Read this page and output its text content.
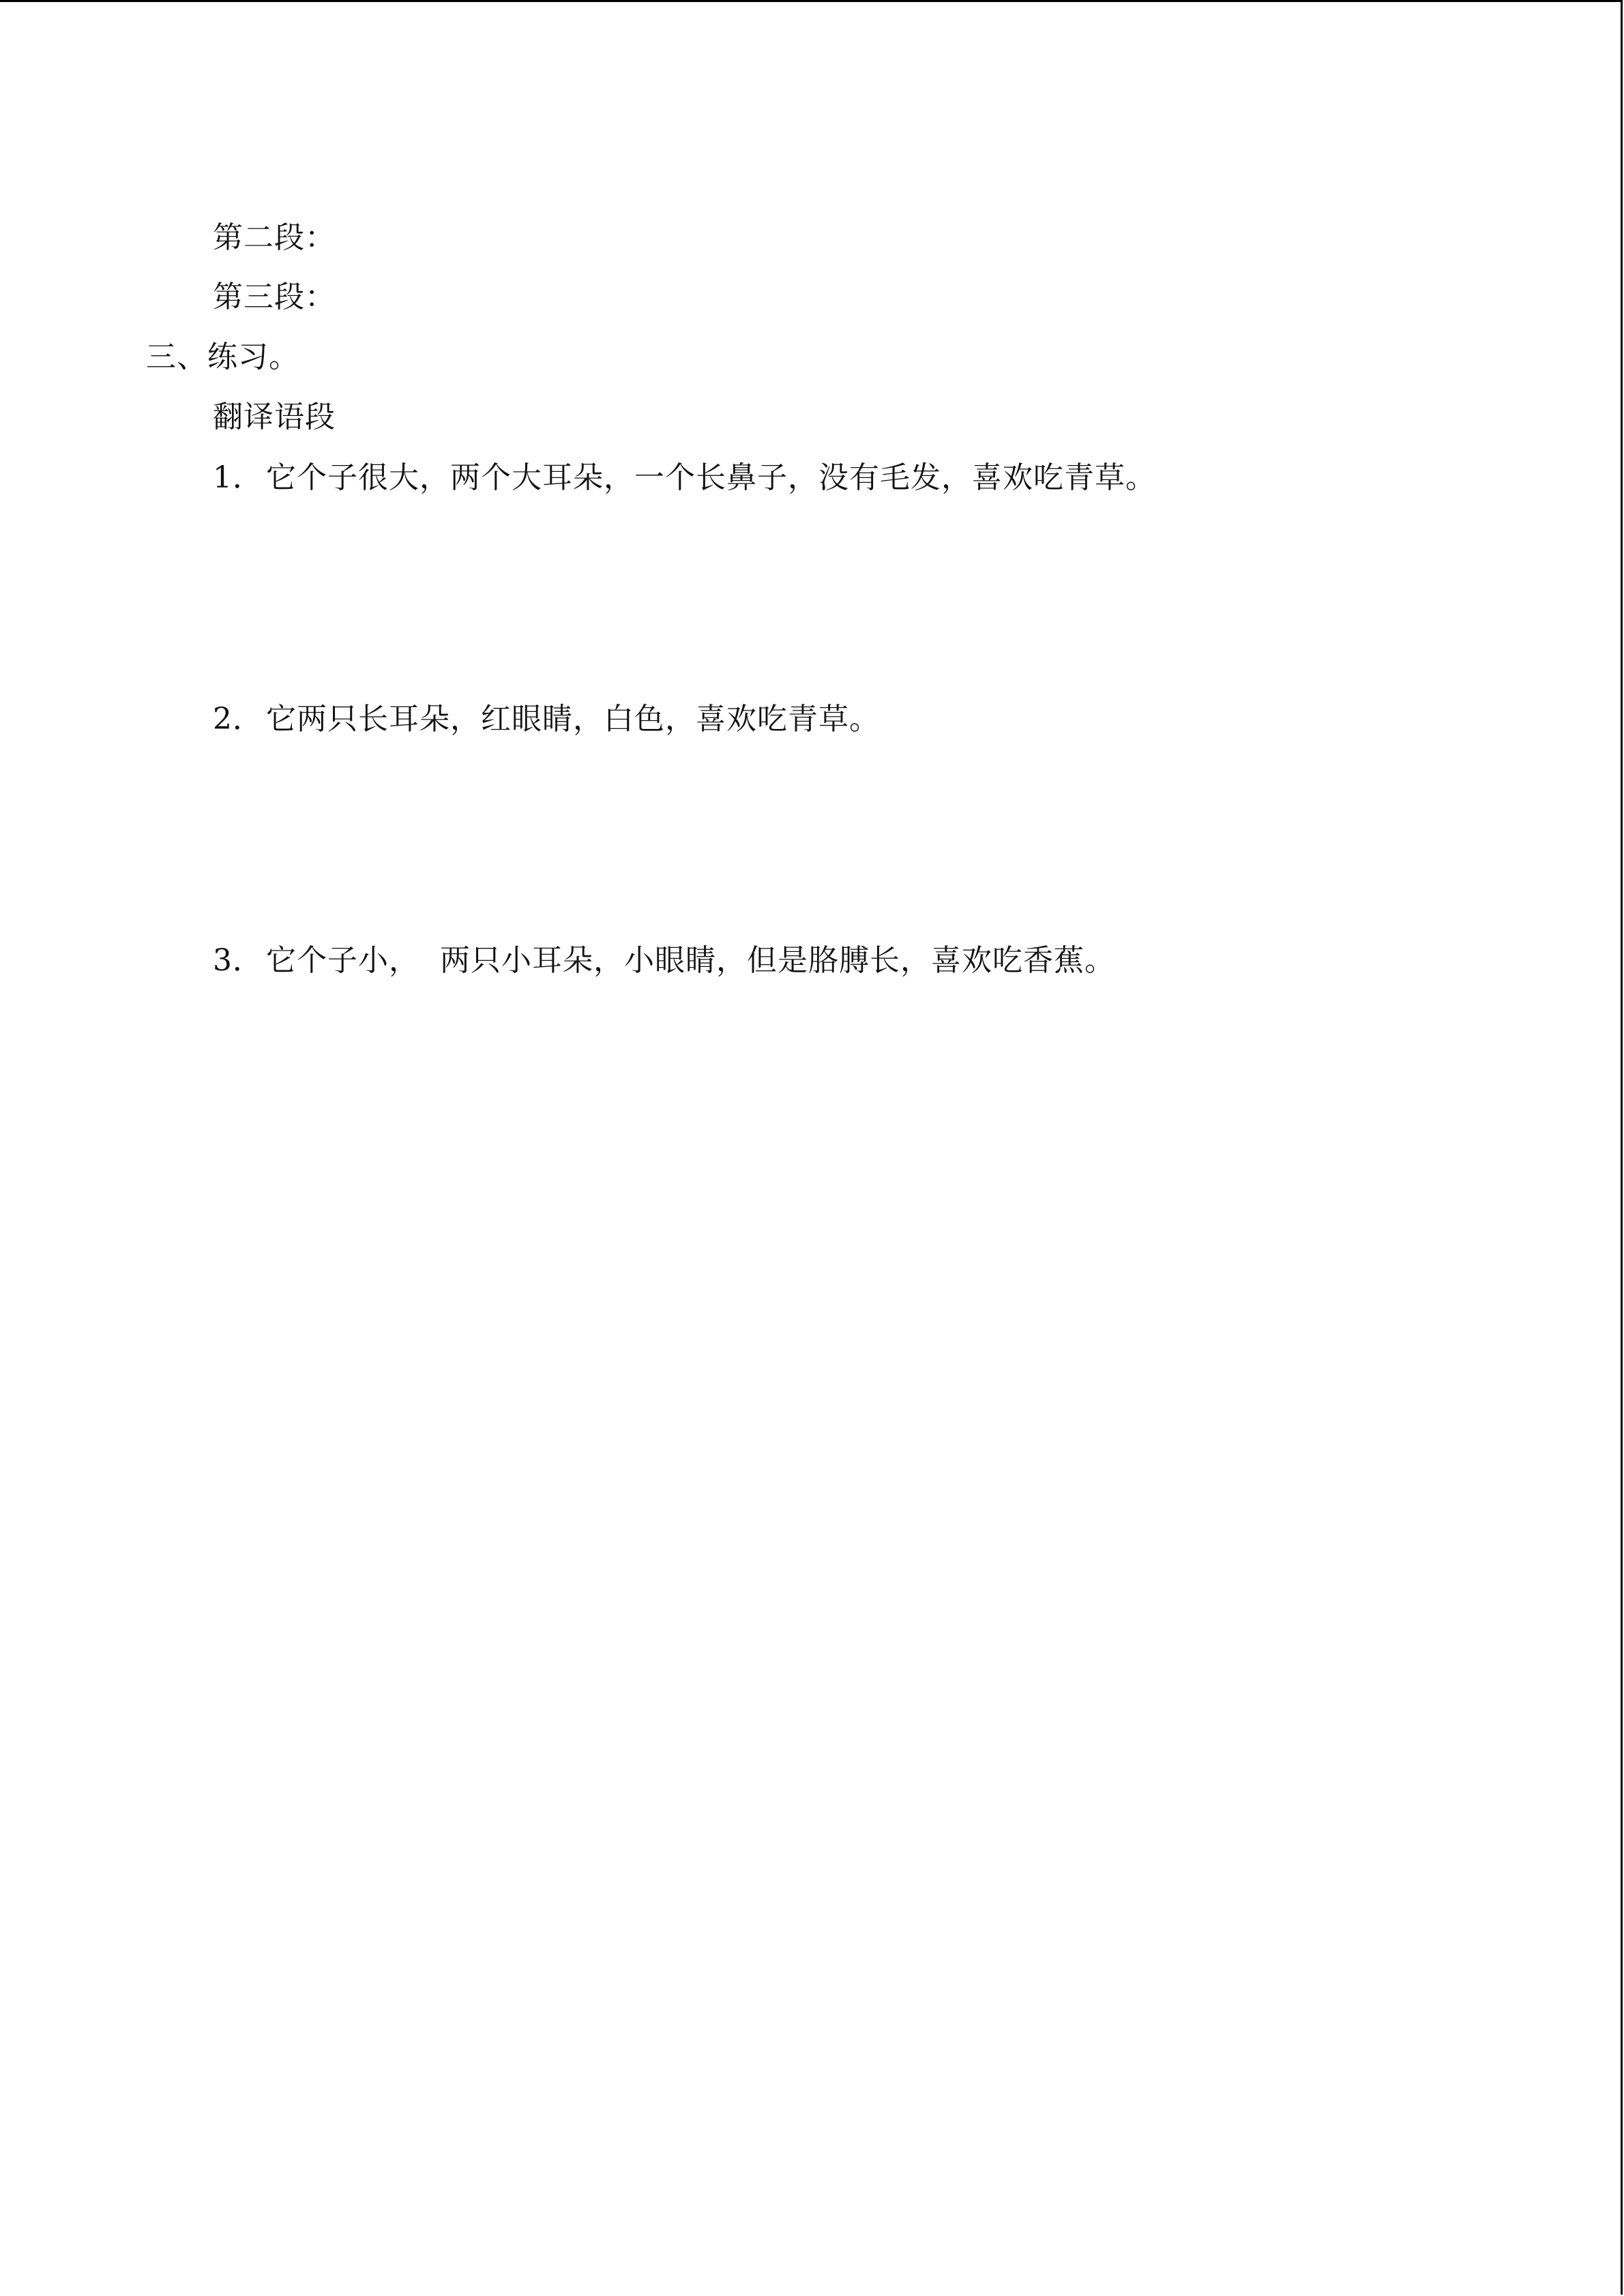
第二段：
第三段：
三、练习。
翻译语段
1．它个子很大，两个大耳朵，一个长鼻子，没有毛发，喜欢吃青草。
2．它两只长耳朵，红眼睛，白色，喜欢吃青草。
3．它个子小，  两只小耳朵，小眼睛，但是胳膊长，喜欢吃香蕉。
